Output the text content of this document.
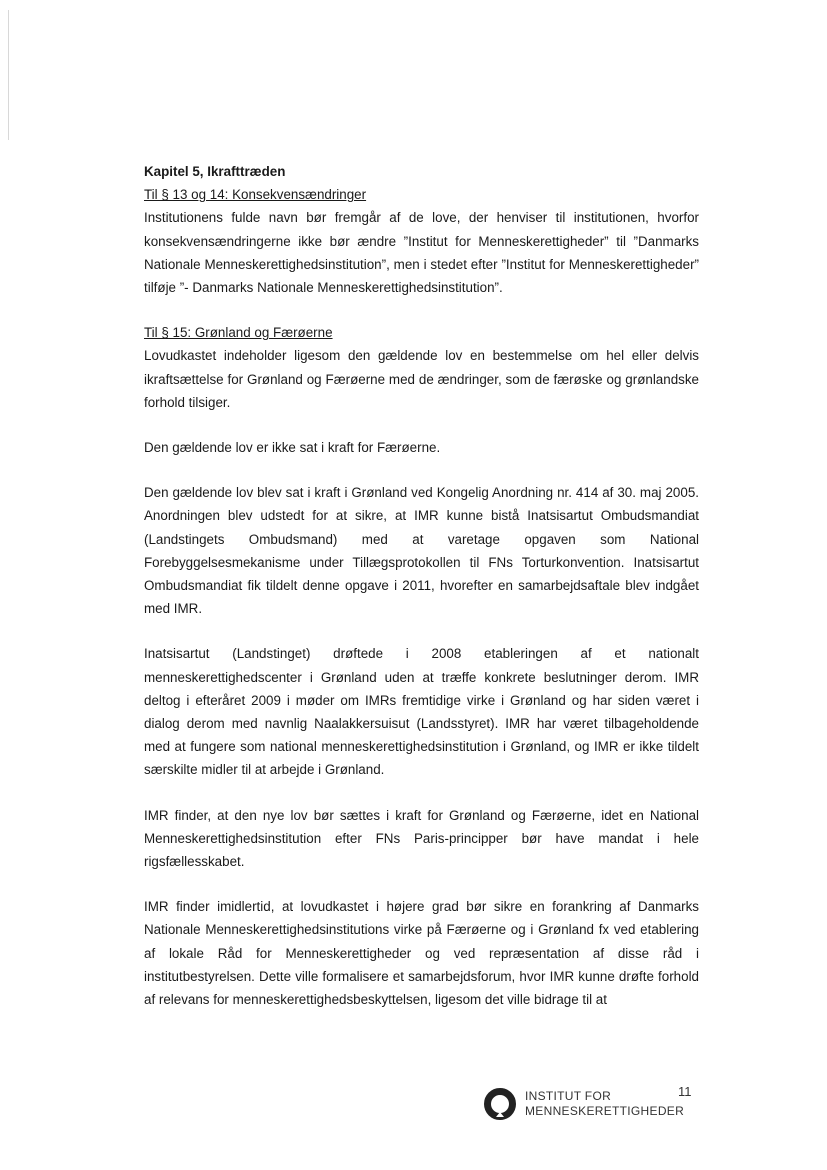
Kapitel 5, Ikrafttræden

Til § 13 og 14: Konsekvensændringer

Institutionens fulde navn bør fremgår af de love, der henviser til institutionen, hvorfor konsekvensændringerne ikke bør ændre ”Institut for Menneskerettigheder” til ”Danmarks Nationale Menneskerettighedsinstitution”, men i stedet efter ”Institut for Menneskerettigheder” tilføje ”- Danmarks Nationale Menneskerettighedsinstitution”.

Til § 15: Grønland og Færøerne

Lovudkastet indeholder ligesom den gældende lov en bestemmelse om hel eller delvis ikraftsættelse for Grønland og Færøerne med de ændringer, som de færøske og grønlandske forhold tilsiger.

Den gældende lov er ikke sat i kraft for Færøerne.

Den gældende lov blev sat i kraft i Grønland ved Kongelig Anordning nr. 414 af 30. maj 2005. Anordningen blev udstedt for at sikre, at IMR kunne bistå Inatsisartut Ombudsmandiat (Landstingets Ombudsmand) med at varetage opgaven som National Forebyggelsesmekanisme under Tillægsprotokollen til FNs Torturkonvention. Inatsisartut Ombudsmandiat fik tildelt denne opgave i 2011, hvorefter en samarbejdsaftale blev indgået med IMR.

Inatsisartut (Landstinget) drøftede i 2008 etableringen af et nationalt menneskerettighedscenter i Grønland uden at træffe konkrete beslutninger derom. IMR deltog i efteråret 2009 i møder om IMRs fremtidige virke i Grønland og har siden været i dialog derom med navnlig Naalakkersuisut (Landsstyret). IMR har været tilbageholdende med at fungere som national menneskerettighedsinstitution i Grønland, og IMR er ikke tildelt særskilte midler til at arbejde i Grønland.

IMR finder, at den nye lov bør sættes i kraft for Grønland og Færøerne, idet en National Menneskerettighedsinstitution efter FNs Paris-principper bør have mandat i hele rigsfællesskabet.

IMR finder imidlertid, at lovudkastet i højere grad bør sikre en forankring af Danmarks Nationale Menneskerettighedsinstitutions virke på Færøerne og i Grønland fx ved etablering af lokale Råd for Menneskerettigheder og ved repræsentation af disse råd i institutbestyrelsen. Dette ville formalisere et samarbejdsforum, hvor IMR kunne drøfte forhold af relevans for menneskerettighedsbeskyttelsen, ligesom det ville bidrage til at

INSTITUT FOR
MENNESKERETTIGHEDER
11
